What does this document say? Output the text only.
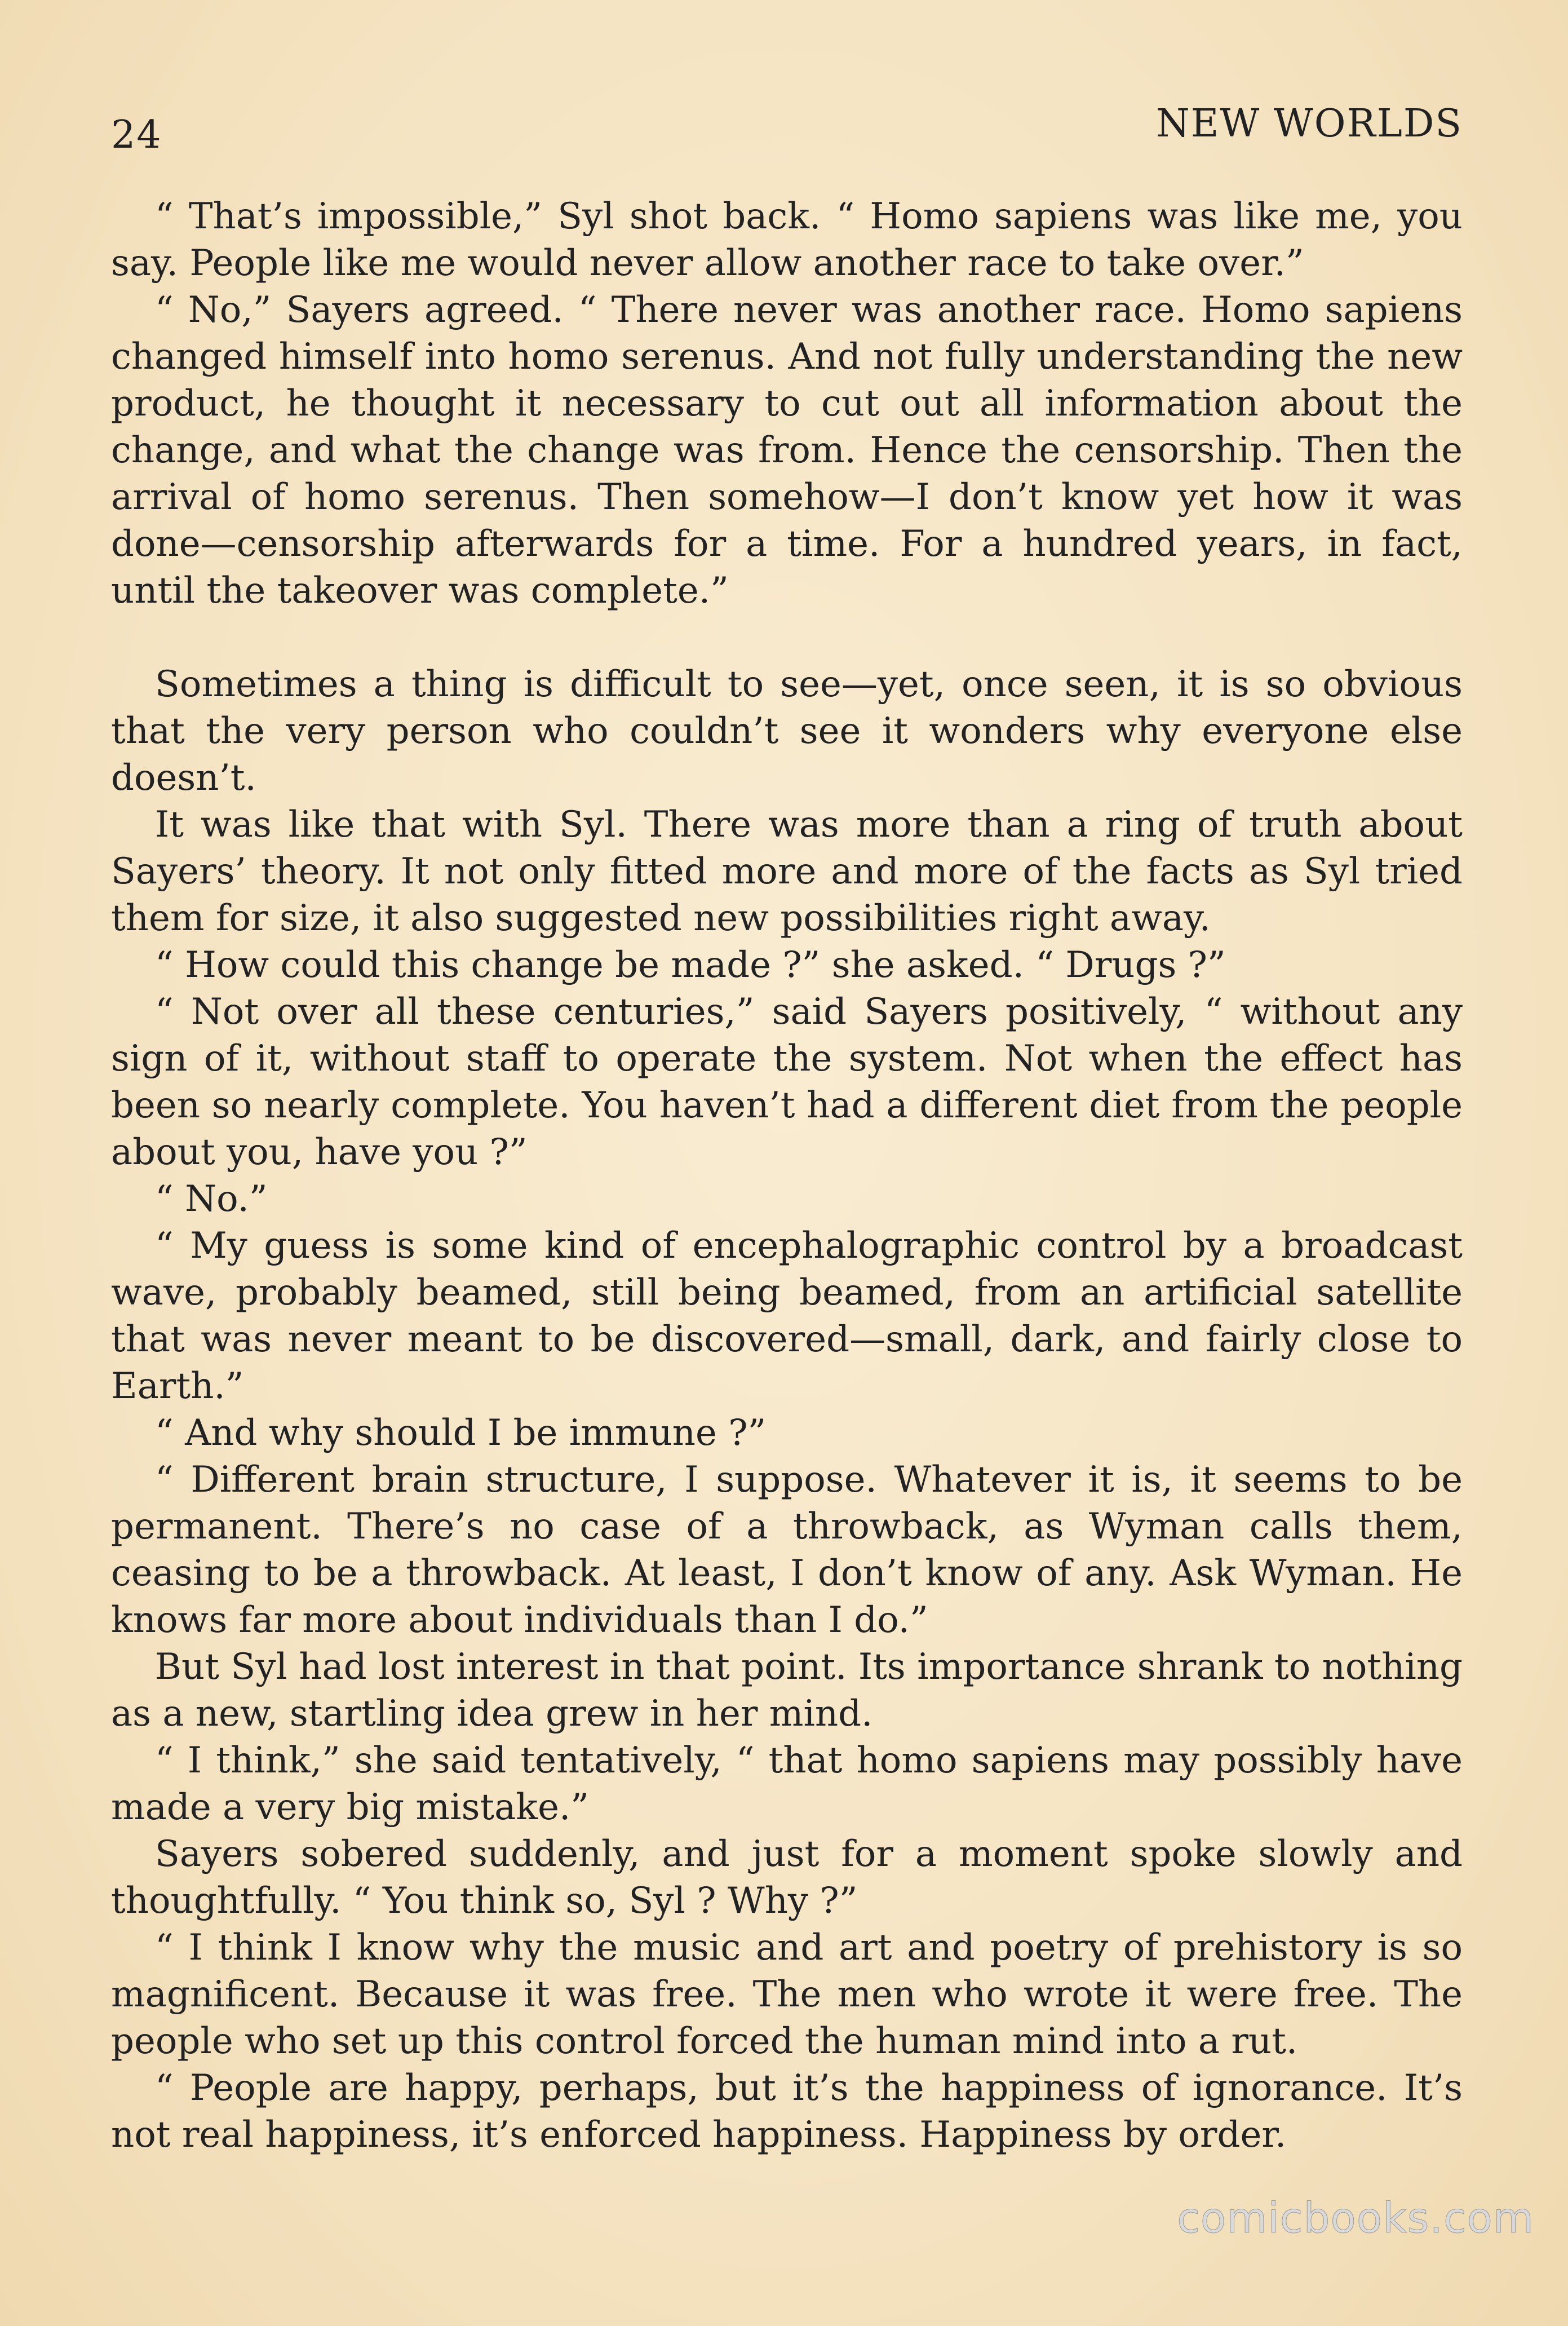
24	NEW WORLDS

“ That’s impossible,” Syl shot back. “ Homo sapiens was like me, you say. People like me would never allow another race to take over.”

“ No,” Sayers agreed. “ There never was another race. Homo sapiens changed himself into homo serenus. And not fully understanding the new product, he thought it necessary to cut out all information about the change, and what the change was from. Hence the censorship. Then the arrival of homo serenus. Then somehow—I don’t know yet how it was done—censorship afterwards for a time. For a hundred years, in fact, until the takeover was complete.”

Sometimes a thing is difficult to see—yet, once seen, it is so obvious that the very person who couldn’t see it wonders why everyone else doesn’t.

It was like that with Syl. There was more than a ring of truth about Sayers’ theory. It not only fitted more and more of the facts as Syl tried them for size, it also suggested new possibilities right away.

“ How could this change be made ?” she asked. “ Drugs ?”

“ Not over all these centuries,” said Sayers positively, “ without any sign of it, without staff to operate the system. Not when the effect has been so nearly complete. You haven’t had a different diet from the people about you, have you ?”

“ No.”

“ My guess is some kind of encephalographic control by a broadcast wave, probably beamed, still being beamed, from an artificial satellite that was never meant to be discovered—small, dark, and fairly close to Earth.”

“ And why should I be immune ?”

“ Different brain structure, I suppose. Whatever it is, it seems to be permanent. There’s no case of a throwback, as Wyman calls them, ceasing to be a throwback. At least, I don’t know of any. Ask Wyman. He knows far more about individuals than I do.”

But Syl had lost interest in that point. Its importance shrank to nothing as a new, startling idea grew in her mind.

“ I think,” she said tentatively, “ that homo sapiens may possibly have made a very big mistake.”

Sayers sobered suddenly, and just for a moment spoke slowly and thoughtfully. “ You think so, Syl ? Why ?”

“ I think I know why the music and art and poetry of prehistory is so magnificent. Because it was free. The men who wrote it were free. The people who set up this control forced the human mind into a rut.

“ People are happy, perhaps, but it’s the happiness of ignorance. It’s not real happiness, it’s enforced happiness. Happiness by order.

comicbooks.com
